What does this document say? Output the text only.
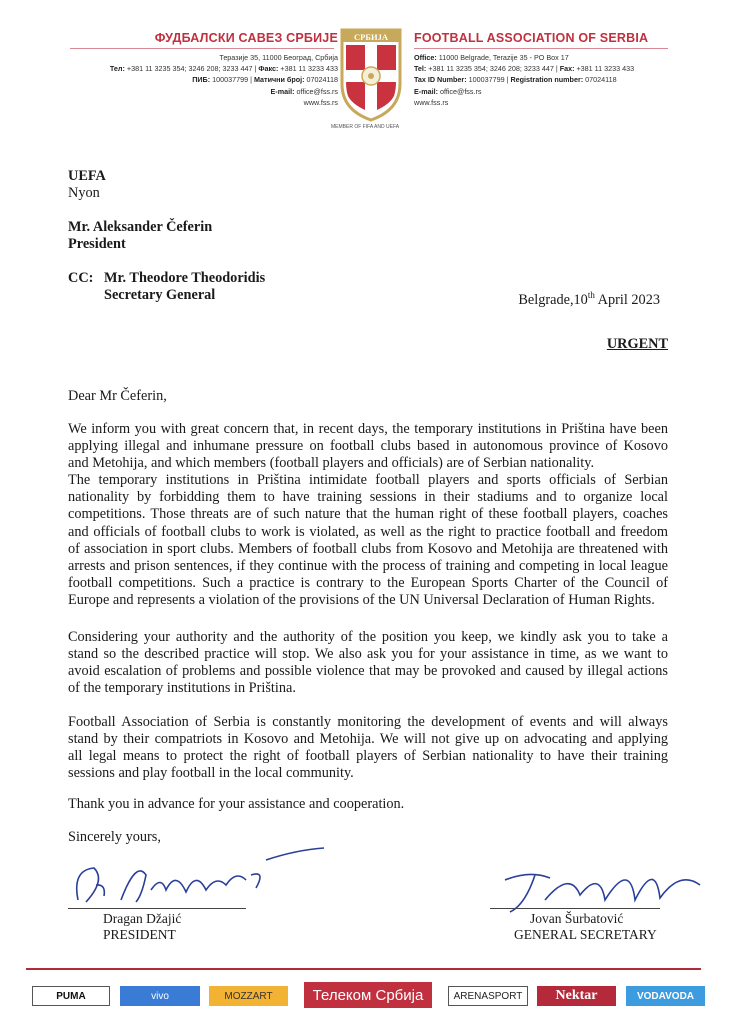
ФУДБАЛСКИ САВЕЗ СРБИЈЕ
Теразије 35, 11000 Београд, Србија
Тел: +381 11 3235 354; 3246 208; 3233 447 | Факс: +381 11 3233 433
ПИБ: 100037799 | Матични број: 07024118
E-mail: office@fss.rs
www.fss.rs
СРБИЈА
MEMBER OF FIFA AND UEFA
FOOTBALL ASSOCIATION OF SERBIA
Office: 11000 Belgrade, Terazije 35 - PO Box 17
Tel: +381 11 3235 354; 3246 208; 3233 447 | Fax: +381 11 3233 433
Tax ID Number: 100037799 | Registration number: 07024118
E-mail: office@fss.rs
www.fss.rs
UEFA
Nyon
Mr. Aleksander Čeferin
President
CC: Mr. Theodore Theodoridis
Secretary General	Belgrade,10th April 2023
URGENT
Dear Mr Čeferin,
We inform you with great concern that, in recent days, the temporary institutions in Priština have been
applying illegal and inhumane pressure on football clubs based in autonomous province of Kosovo
and Metohija, and which members (football players and officials) are of Serbian nationality.
The temporary institutions in Priština intimidate football players and sports officials of Serbian
nationality by forbidding them to have training sessions in their stadiums and to organize local
competitions. Those threats are of such nature that the human right of these football players, coaches
and officials of football clubs to work is violated, as well as the right to practice football and freedom
of association in sport clubs. Members of football clubs from Kosovo and Metohija are threatened with
arrests and prison sentences, if they continue with the process of training and competing in local league
football competitions. Such a practice is contrary to the European Sports Charter of the Council of
Europe and represents a violation of the provisions of the UN Universal Declaration of Human Rights.
Considering your authority and the authority of the position you keep, we kindly ask you to take a
stand so the described practice will stop. We also ask you for your assistance in time, as we want to
avoid escalation of problems and possible violence that may be provoked and caused by illegal actions
of the temporary institutions in Priština.
Football Association of Serbia is constantly monitoring the development of events and will always
stand by their compatriots in Kosovo and Metohija. We will not give up on advocating and applying
all legal means to protect the right of football players of Serbian nationality to have their training
sessions and play football in the local community.
Thank you in advance for your assistance and cooperation.
Sincerely yours,
Dragan Džajić
PRESIDENT
Jovan Šurbatović
GENERAL SECRETARY
PUMA	vivo	MOZZART	Телеком Србија	ARENASPORT	Nektar	VODAVODA
